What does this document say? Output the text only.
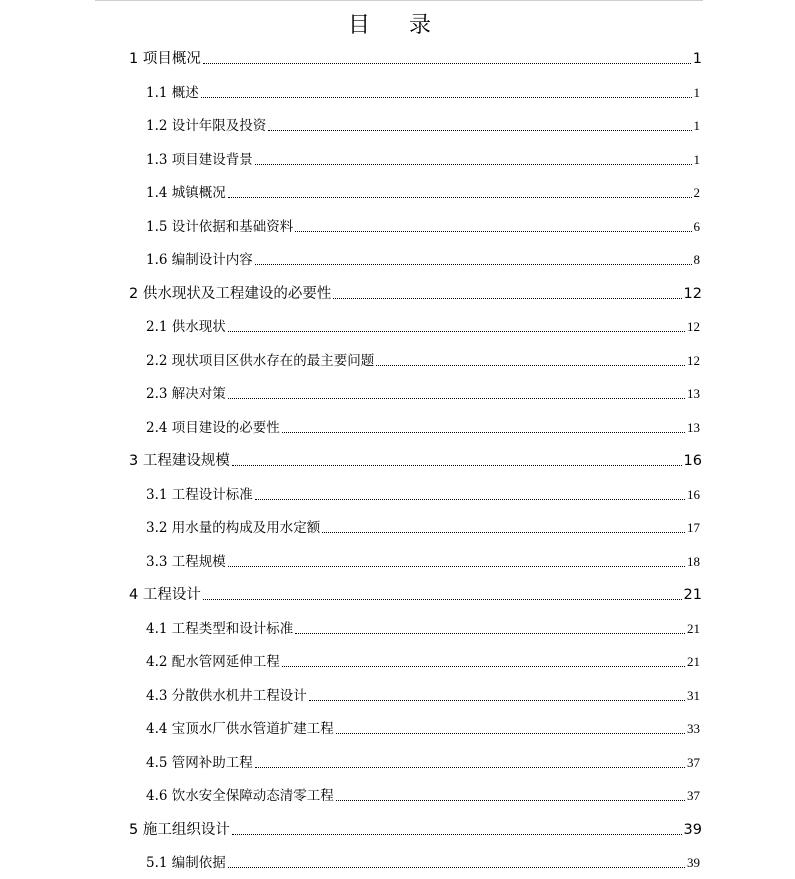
目 录
1 项目概况	1
1.1 概述	1
1.2 设计年限及投资	1
1.3 项目建设背景	1
1.4 城镇概况	2
1.5 设计依据和基础资料	6
1.6 编制设计内容	8
2 供水现状及工程建设的必要性	12
2.1 供水现状	12
2.2 现状项目区供水存在的最主要问题	12
2.3 解决对策	13
2.4 项目建设的必要性	13
3 工程建设规模	16
3.1 工程设计标准	16
3.2 用水量的构成及用水定额	17
3.3 工程规模	18
4 工程设计	21
4.1 工程类型和设计标准	21
4.2 配水管网延伸工程	21
4.3 分散供水机井工程设计	31
4.4 宝顶水厂供水管道扩建工程	33
4.5 管网补助工程	37
4.6 饮水安全保障动态清零工程	37
5 施工组织设计	39
5.1 编制依据	39
